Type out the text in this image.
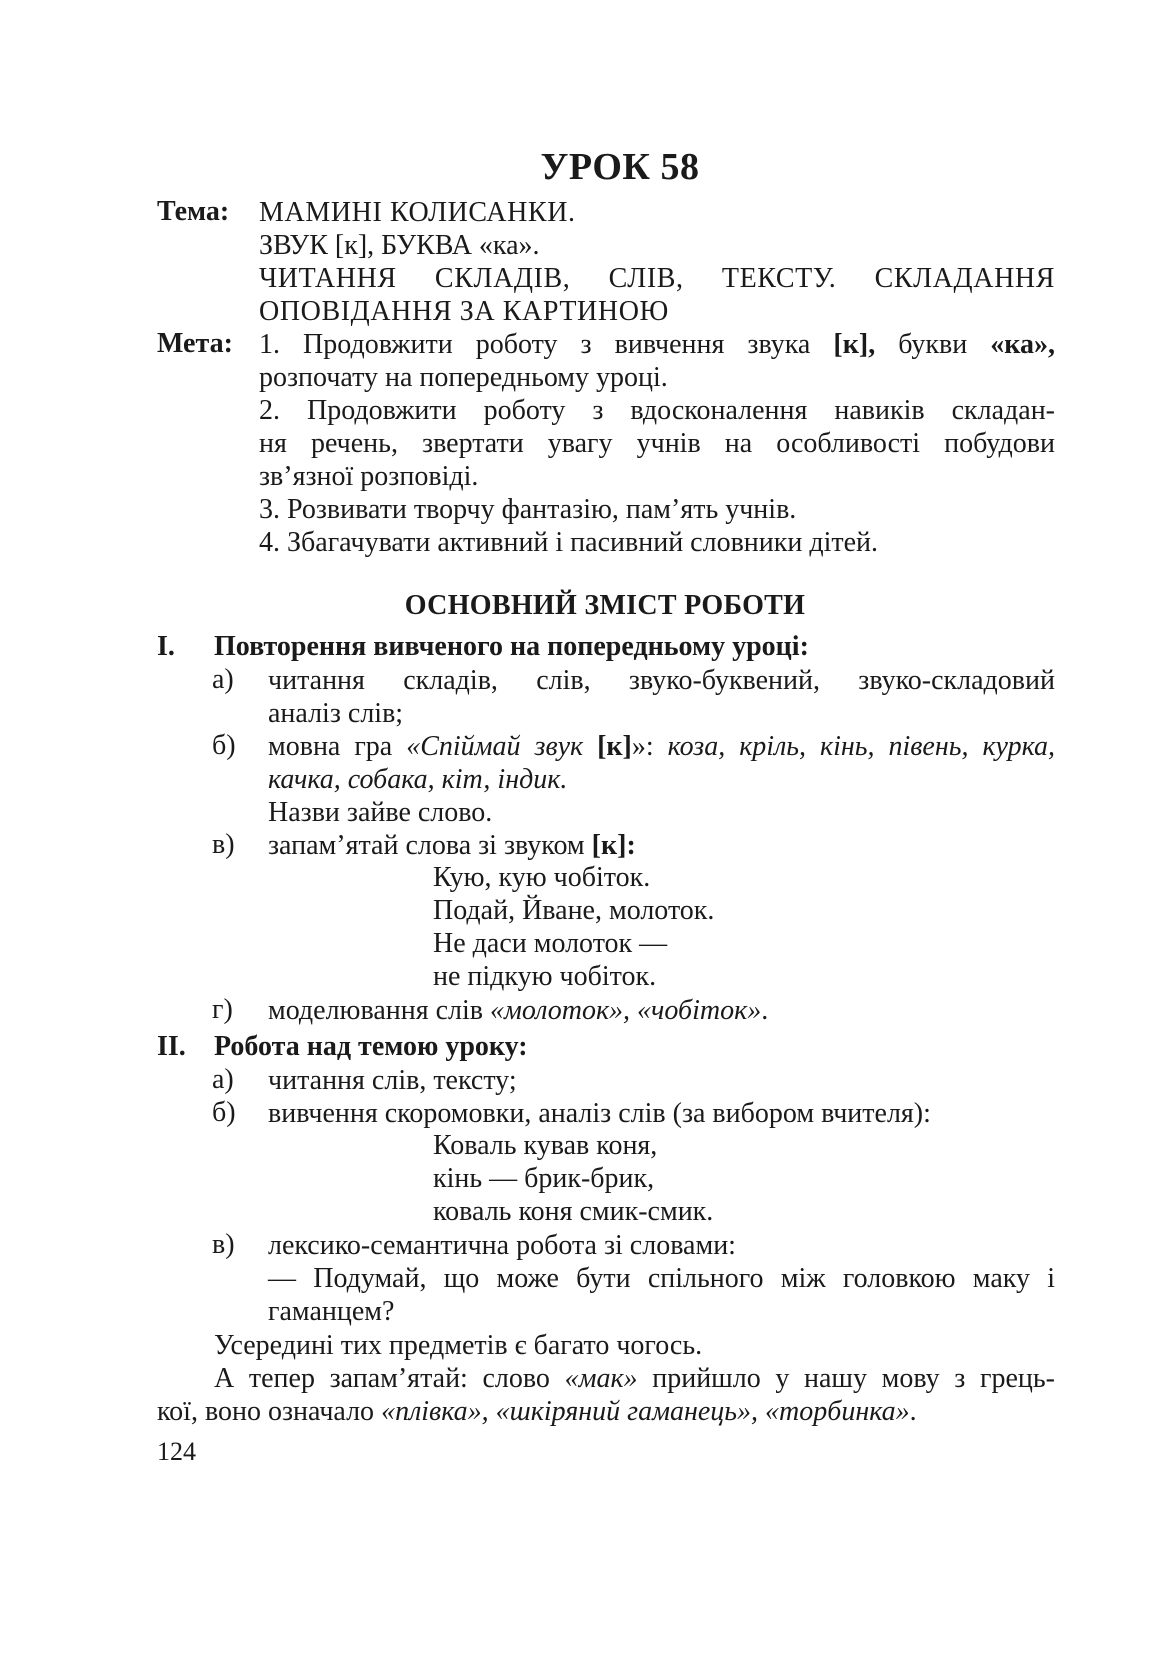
УРОК 58
Тема: МАМИНІ КОЛИСАНКИ.
ЗВУК [к], БУКВА «ка».
ЧИТАННЯ СКЛАДІВ, СЛІВ, ТЕКСТУ. СКЛАДАННЯ
ОПОВІДАННЯ ЗА КАРТИНОЮ
Мета: 1. Продовжити роботу з вивчення звука [к], букви «ка»,
розпочату на попередньому уроці.
2. Продовжити роботу з вдосконалення навиків складан-
ня речень, звертати увагу учнів на особливості побудови
зв’язної розповіді.
3. Розвивати творчу фантазію, пам’ять учнів.
4. Збагачувати активний і пасивний словники дітей.
ОСНОВНИЙ ЗМІСТ РОБОТИ
I. Повторення вивченого на попередньому уроці:
а) читання складів, слів, звуко-буквений, звуко-складовий
аналіз слів;
б) мовна гра «Спіймай звук [к]»: коза, кріль, кінь, півень, курка,
качка, собака, кіт, індик.
Назви зайве слово.
в) запам’ятай слова зі звуком [к]:
Кую, кую чобіток.
Подай, Йване, молоток.
Не даси молоток —
не підкую чобіток.
г) моделювання слів «молоток», «чобіток».
II. Робота над темою уроку:
а) читання слів, тексту;
б) вивчення скоромовки, аналіз слів (за вибором вчителя):
Коваль кував коня,
кінь — брик-брик,
коваль коня смик-смик.
в) лексико-семантична робота зі словами:
— Подумай, що може бути спільного між головкою маку і
гаманцем?
Усередині тих предметів є багато чогось.
А тепер запам’ятай: слово «мак» прийшло у нашу мову з грець-
кої, воно означало «плівка», «шкіряний гаманець», «торбинка».
124
